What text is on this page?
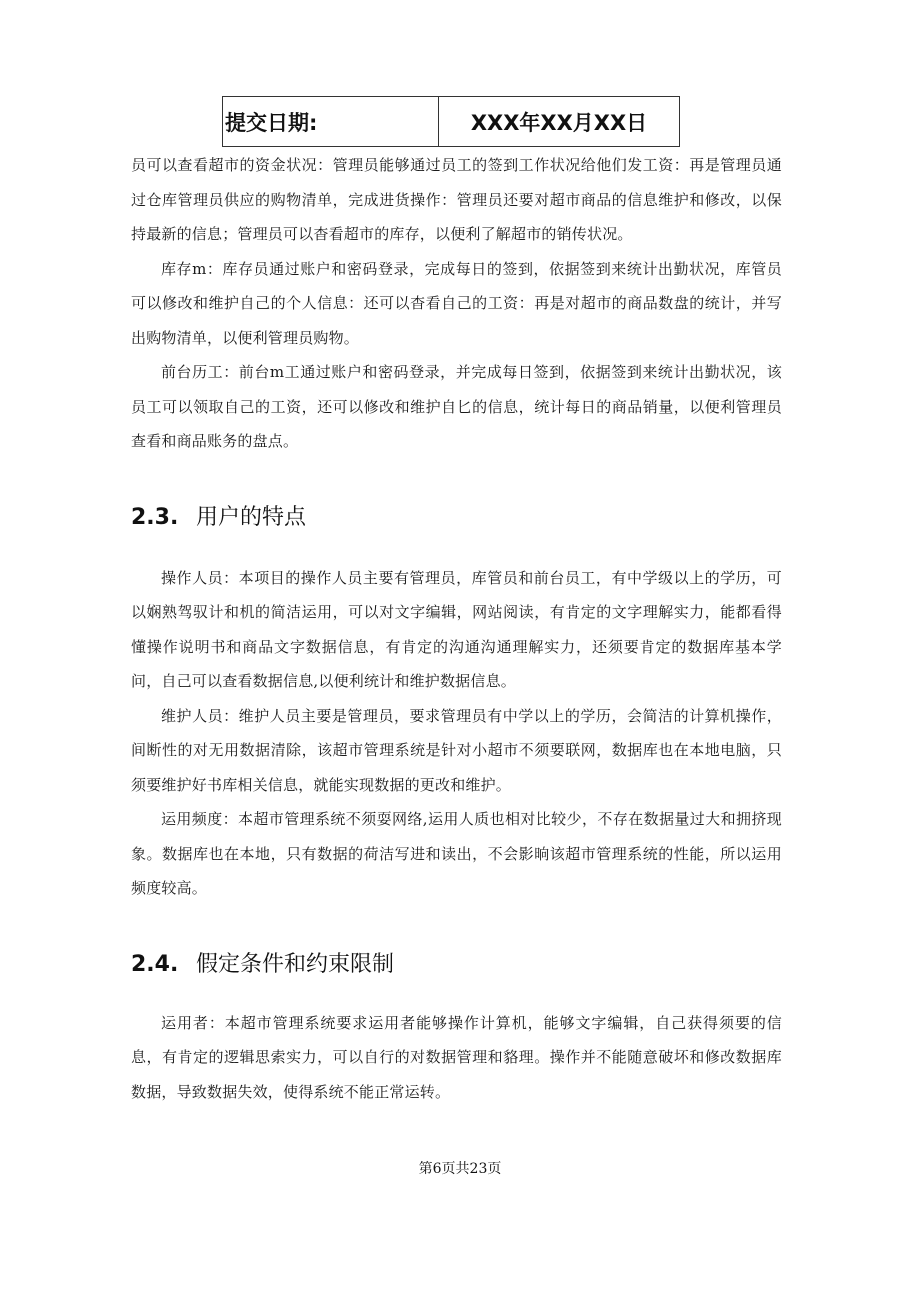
提交日期:	XXX年XX月XX日

员可以查看超市的资金状况：管理员能够通过员工的签到工作状况给他们发工资：再是管理员通过仓库管理员供应的购物清单，完成进货操作：管理员还要对超市商品的信息维护和修改，以保持最新的信息；管理员可以杳看超市的库存，以便利了解超市的销传状况。

库存m：库存员通过账户和密码登录，完成每日的签到，依据签到来统计出勤状况，库管员可以修改和维护自己的个人信息：还可以杳看自己的工资：再是对超市的商品数盘的统计，并写出购物清单，以便利管理员购物。

前台历工：前台m工通过账户和密码登录，并完成每日签到，依据签到来统计出勤状况，该员工可以领取自己的工资，还可以修改和维护自匕的信息，统计每日的商品销量，以便利管理员查看和商品账务的盘点。

2.3. 用户的特点

操作人员：本项目的操作人员主要有管理员，库管员和前台员工，有中学级以上的学历，可以娴熟驾驭计和机的简洁运用，可以对文字编辑，网站阅读，有肯定的文字理解实力，能都看得懂操作说明书和商品文字数据信息，有肯定的沟通沟通理解实力，还须要肯定的数据库基本学问，自己可以查看数据信息,以便利统计和维护数据信息。

维护人员：维护人员主要是管理员，要求管理员有中学以上的学历，会简洁的计算机操作，间断性的对无用数据清除，该超市管理系统是针对小超市不须要联网，数据库也在本地电脑，只须要维护好书库相关信息，就能实现数据的更改和维护。

运用频度：本超市管理系统不须耍网络,运用人质也相对比较少，不存在数据量过大和拥挤现象。数据库也在本地，只有数据的荷洁写进和读出，不会影晌该超市管理系统的性能，所以运用频度较高。

2.4. 假定条件和约束限制

运用者：本超市管理系统要求运用者能够操作计算机，能够文字编辑，自己获得须要的信息，有肯定的逻辑思索实力，可以自行的对数据管理和貉理。操作并不能随意破坏和修改数据库数据，导致数据失效，使得系统不能正常运转。

第6页共23页
